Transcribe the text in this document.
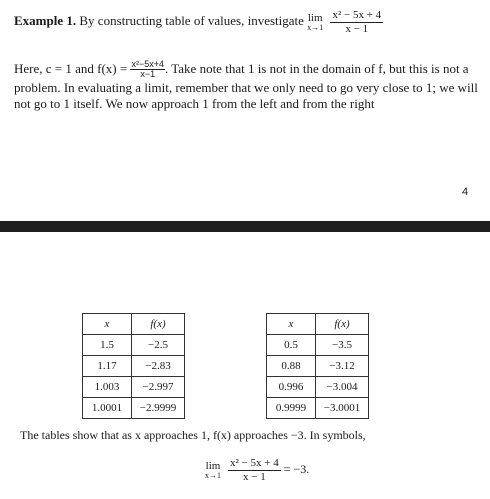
Example 1. By constructing table of values, investigate lim
x→1
$\frac{\text{x² − 5x + 4}}{x - 1}$
Here, c = 1 and $f(x) = \frac{\text{x²−5x+4}}{x-1}$ . Take note that 1 is not in the domain of f, but this is not a problem. In evaluating a limit, remember that we only need to go very close to 1; we will not go to 1 itself. We now approach 1 from the left and from the right
4
x	f(x)
1.5	−2.5
1.17	−2.83
1.003	−2.997
1.0001	−2.9999
x	f(x)
0.5	−3.5
0.88	−3.12
0.996	−3.004
0.9999	−3.0001
The tables show that as x approaches 1, f(x) approaches −3. In symbols,
lim
x→1
$\frac{\text{x² − 5x + 4}}{x - 1} = -3$.
